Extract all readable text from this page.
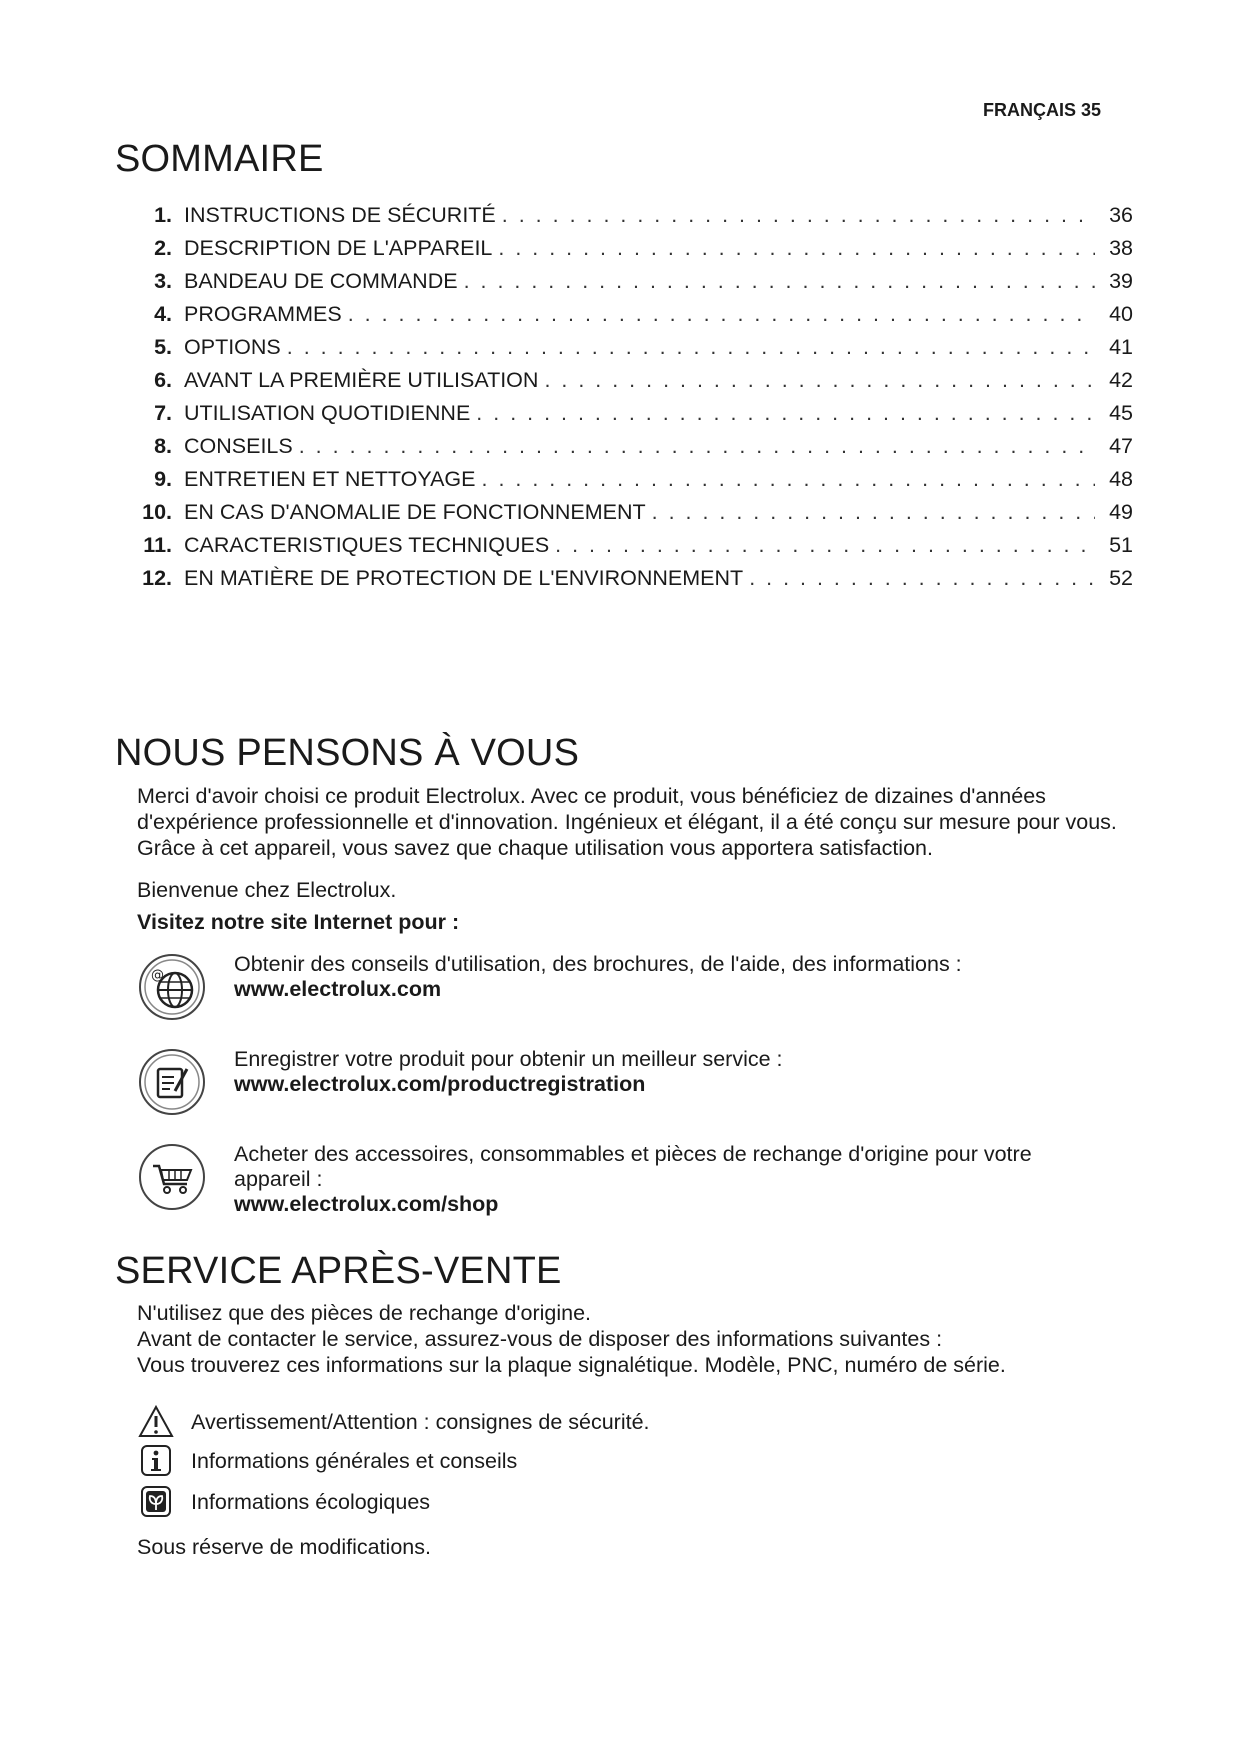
FRANÇAIS 35
SOMMAIRE
1. INSTRUCTIONS DE SÉCURITÉ . . .	36
2. DESCRIPTION DE L'APPAREIL . . .	38
3. BANDEAU DE COMMANDE . . .	39
4. PROGRAMMES . . .	40
5. OPTIONS . . .	41
6. AVANT LA PREMIÈRE UTILISATION . . .	42
7. UTILISATION QUOTIDIENNE . . .	45
8. CONSEILS . . .	47
9. ENTRETIEN ET NETTOYAGE . . .	48
10. EN CAS D'ANOMALIE DE FONCTIONNEMENT . . .	49
11. CARACTERISTIQUES TECHNIQUES . . .	51
12. EN MATIÈRE DE PROTECTION DE L'ENVIRONNEMENT . . .	52
NOUS PENSONS À VOUS

Merci d'avoir choisi ce produit Electrolux. Avec ce produit, vous bénéficiez de dizaines d'années d'expérience professionnelle et d'innovation. Ingénieux et élégant, il a été conçu sur mesure pour vous. Grâce à cet appareil, vous savez que chaque utilisation vous apportera satisfaction.

Bienvenue chez Electrolux.

Visitez notre site Internet pour :

@	Obtenir des conseils d'utilisation, des brochures, de l'aide, des informations :
www.electrolux.com
Enregistrer votre produit pour obtenir un meilleur service :
www.electrolux.com/productregistration
Acheter des accessoires, consommables et pièces de rechange d'origine pour votre appareil :
www.electrolux.com/shop
SERVICE APRÈS-VENTE
N'utilisez que des pièces de rechange d'origine.
Avant de contacter le service, assurez-vous de disposer des informations suivantes :
Vous trouverez ces informations sur la plaque signalétique. Modèle, PNC, numéro de série.
Avertissement/Attention : consignes de sécurité.
Informations générales et conseils
Informations écologiques

Sous réserve de modifications.
